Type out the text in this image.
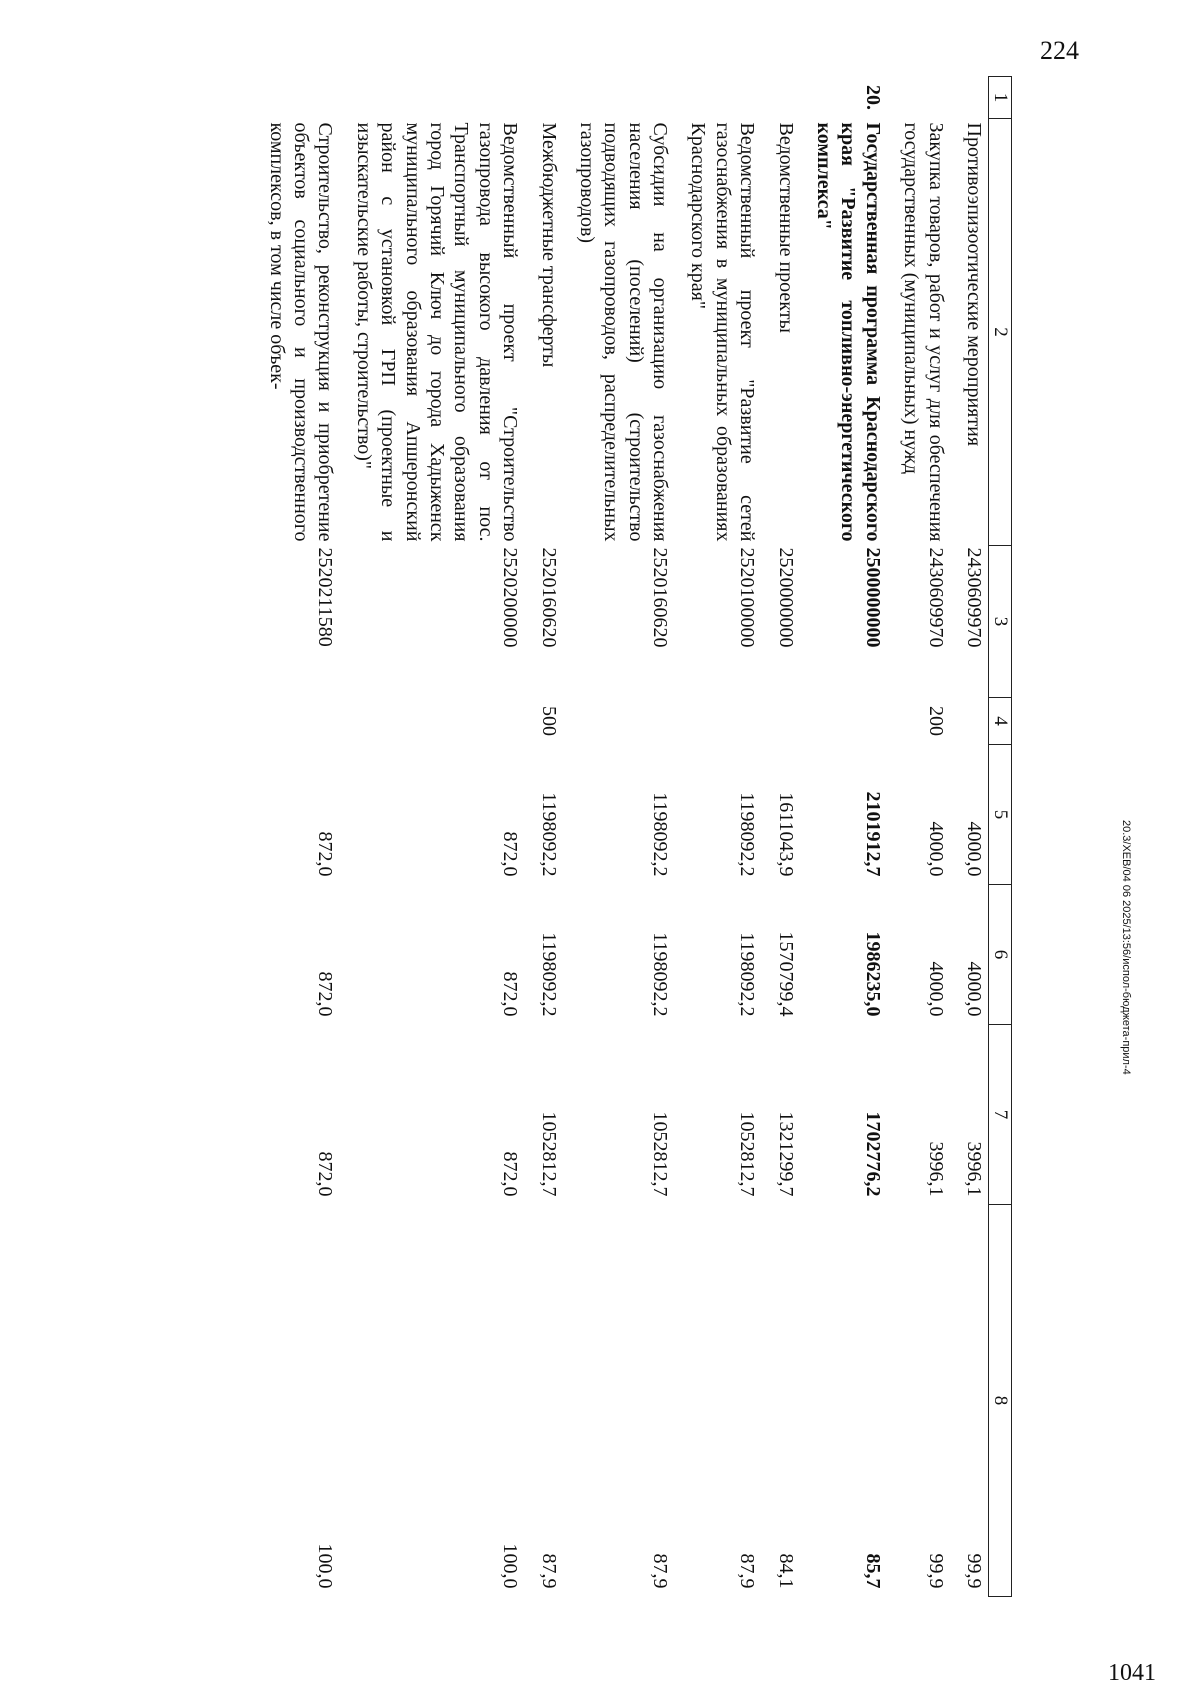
224
1	2	3	4	5	6	7	8
	Противоэпизоотические мероприятия	2430609970		4000,0	4000,0	3996,1	99,9
	Закупка товаров, работ и услуг для обеспечения государственных (муниципальных) нужд	2430609970	200	4000,0	4000,0	3996,1	99,9
20.	Государственная программа Краснодарского края "Развитие топливно-энергетического комплекса"	2500000000		2101912,7	1986235,0	1702776,2	85,7
	Ведомственные проекты	2520000000		1611043,9	1570799,4	1321299,7	84,1
	Ведомственный проект "Развитие сетей газоснабжения в муниципальных образованиях Краснодарского края"	2520100000		1198092,2	1198092,2	1052812,7	87,9
	Субсидии на организацию газоснабжения населения (поселений) (строительство подводящих газопроводов, распределительных газопроводов)	2520160620		1198092,2	1198092,2	1052812,7	87,9
	Межбюджетные трансферты	2520160620	500	1198092,2	1198092,2	1052812,7	87,9
	Ведомственный проект "Строительство газопровода высокого давления от пос. Транспортный муниципального образования город Горячий Ключ до города Хадыженск муниципального образования Апшеронский район с установкой ГРП (проектные и изыскательские работы, строительство)"	2520200000		872,0	872,0	872,0	100,0
	Строительство, реконструкция и приобретение объектов социального и производственного комплексов, в том числе объек-	2520211580		872,0	872,0	872,0	100,0
20.3/ХЕВ/04 06 2025/13:56/испол-бюджета-прил-4
1041
